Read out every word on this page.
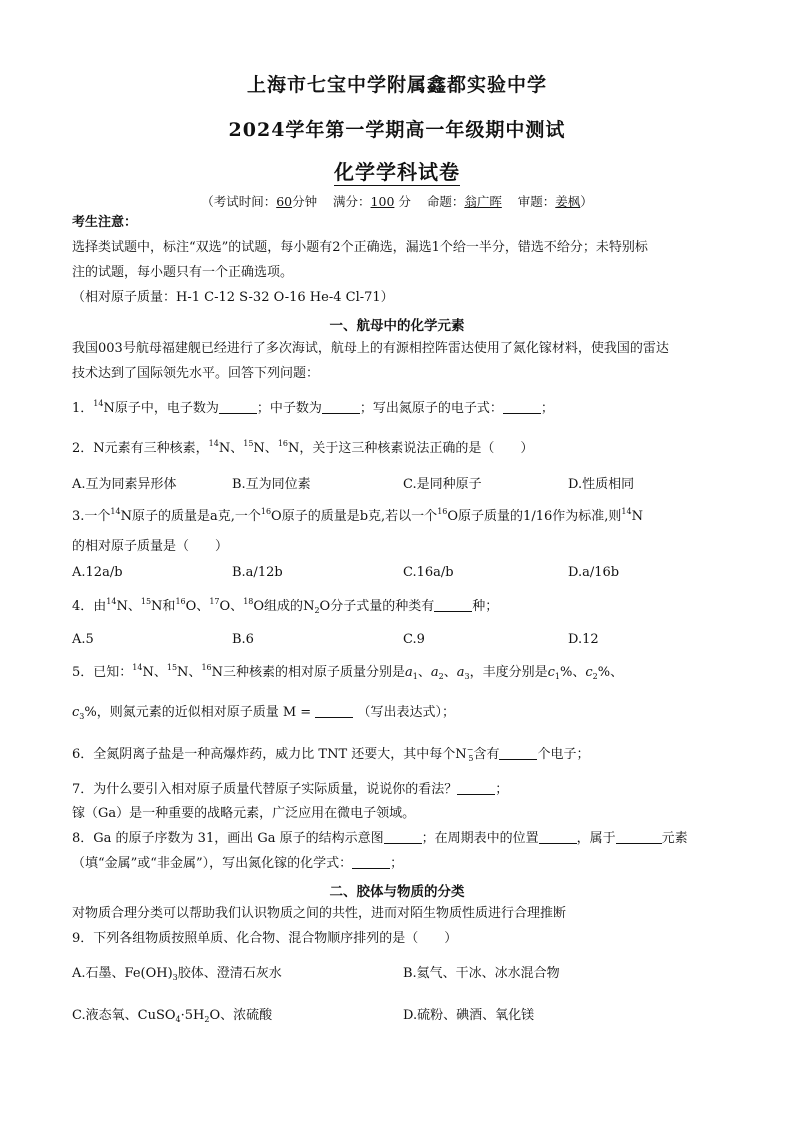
上海市七宝中学附属鑫都实验中学
2024学年第一学期高一年级期中测试
化学学科试卷
（考试时间：60分钟 满分：100 分 命题：翁广晖 审题：姜枫）
考生注意：
选择类试题中，标注“双选”的试题，每小题有2个正确选，漏选1个给一半分，错选不给分；未特别标
注的试题，每小题只有一个正确选项。
（相对原子质量：H-1 C-12 S-32 O-16 He-4 Cl-71）
一、航母中的化学元素
我国003号航母福建舰已经进行了多次海试，航母上的有源相控阵雷达使用了氮化镓材料，使我国的雷达
技术达到了国际领先水平。回答下列问题：
1．$^{14}$N原子中，电子数为	；中子数为	；写出氮原子的电子式：	；
2．N元素有三种核素，$^{14}$N、$^{15}$N、$^{16}$N，关于这三种核素说法正确的是（　　）
A.互为同素异形体	B.互为同位素	C.是同种原子	D.性质相同
3.一个$^{14}$N原子的质量是a克,一个$^{16}$O原子的质量是b克,若以一个$^{16}$O原子质量的1/16作为标准,则$^{14}$N
的相对原子质量是（　　）
A.12a/b	B.a/12b	C.16a/b	D.a/16b
4．由$^{14}$N、$^{15}$N和$^{16}$O、$^{17}$O、$^{18}$O组成的$N_2O$分子式量的种类有	种；
A.5	B.6	C.9	D.12
5．已知：$^{14}$N、$^{15}$N、$^{16}$N三种核素的相对原子质量分别是$a_1$、$a_2$、$a_3$，丰度分别是$c_1\%$、$c_2\%$、
$c_3\%$，则氮元素的近似相对原子质量 M =	（写出表达式）；
6．全氮阴离子盐是一种高爆炸药，威力比 TNT 还要大，其中每个$N^-_5$含有	个电子；
7．为什么要引入相对原子质量代替原子实际质量，说说你的看法？	；
镓（Ga）是一种重要的战略元素，广泛应用在微电子领域。
8．Ga 的原子序数为 31，画出 Ga 原子的结构示意图	；在周期表中的位置	，属于	元素
（填“金属”或“非金属”），写出氮化镓的化学式：	；
二、胶体与物质的分类
对物质合理分类可以帮助我们认识物质之间的共性，进而对陌生物质性质进行合理推断
9．下列各组物质按照单质、化合物、混合物顺序排列的是（　　）
A.石墨、$Fe(OH)_3$胶体、澄清石灰水	B.氦气、干冰、冰水混合物
C.液态氧、$CuSO_4\cdot 5H_2O$、浓硫酸	D.硫粉、碘酒、氧化镁
